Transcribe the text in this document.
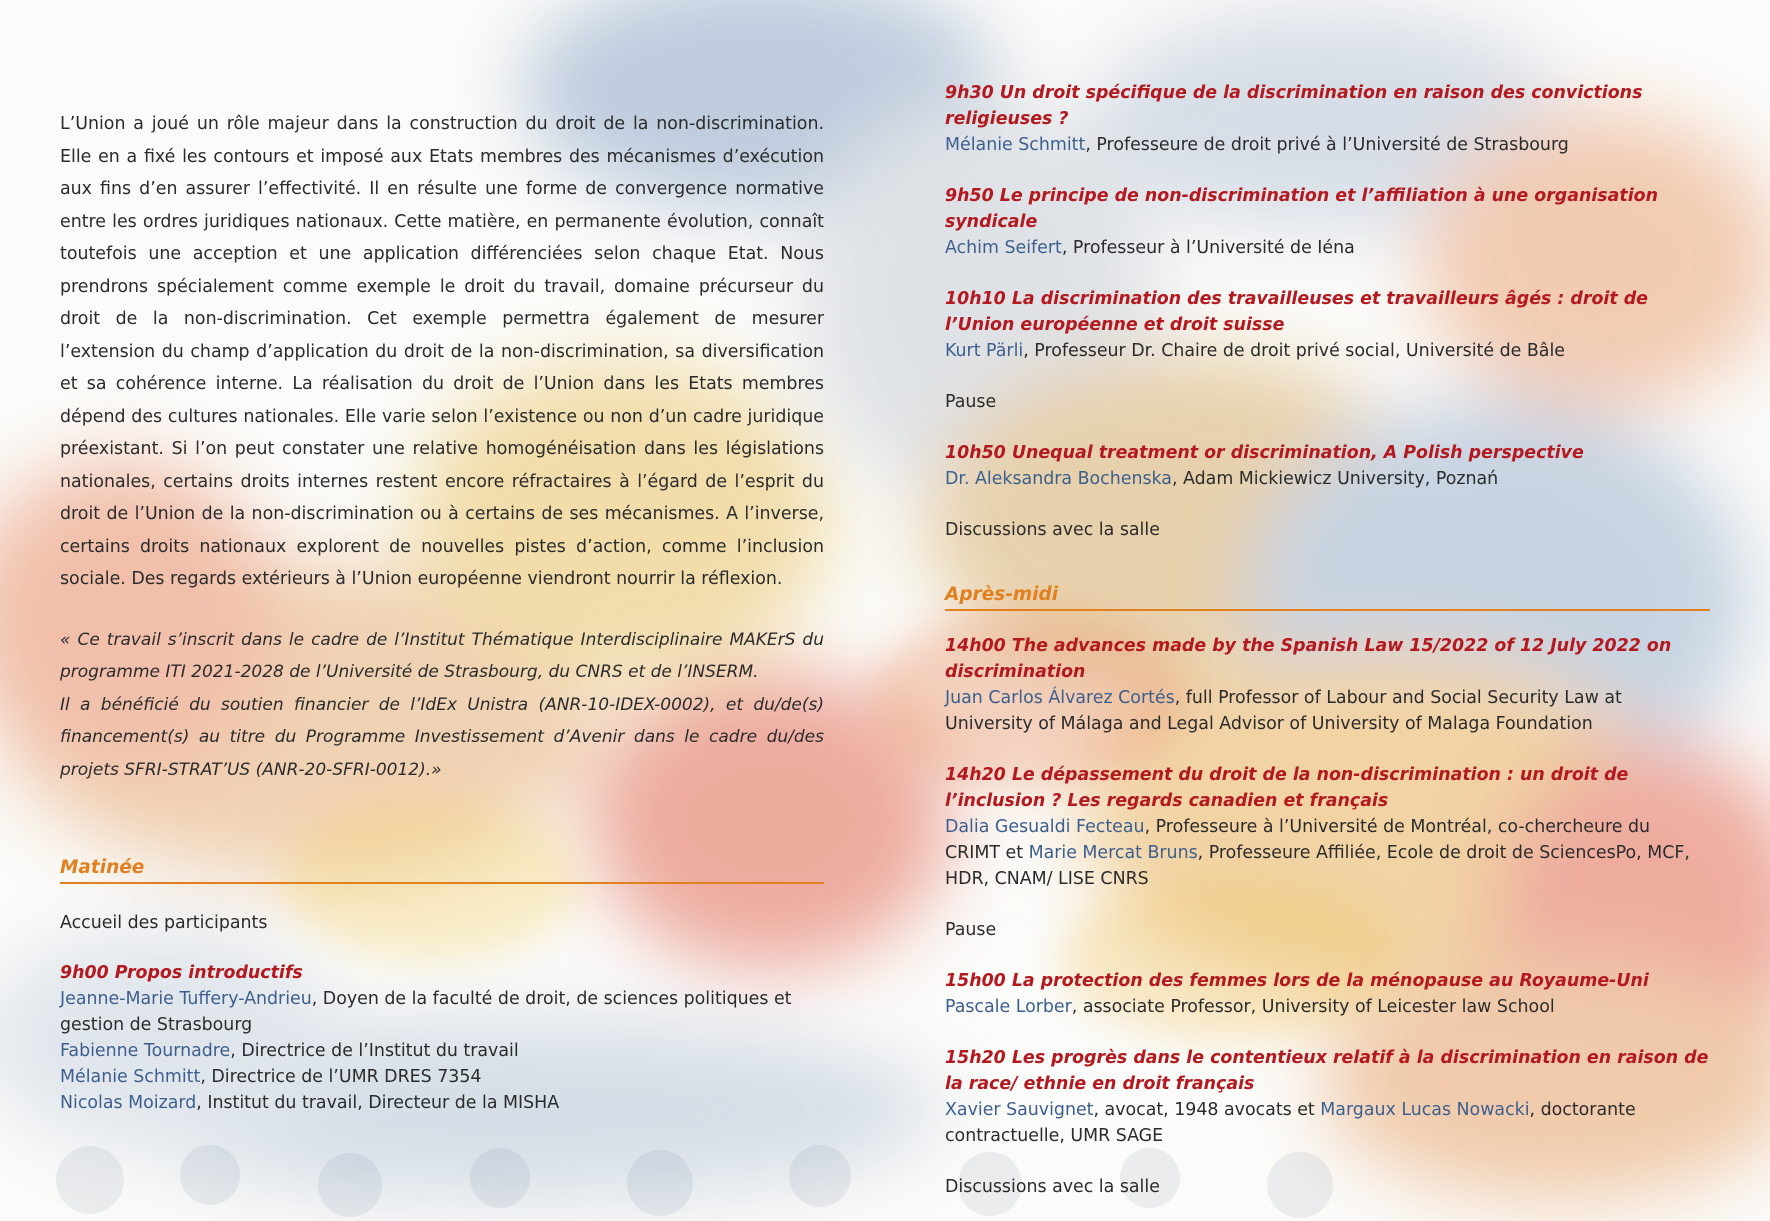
L’Union a joué un rôle majeur dans la construction du droit de la non-discrimination. Elle en a fixé les contours et imposé aux Etats membres des mécanismes d’exécution aux fins d’en assurer l’effectivité. Il en résulte une forme de convergence normative entre les ordres juridiques nationaux. Cette matière, en permanente évolution, connaît toutefois une acception et une application différenciées selon chaque Etat. Nous prendrons spécialement comme exemple le droit du travail, domaine précurseur du droit de la non-discrimination. Cet exemple permettra également de mesurer l’extension du champ d’application du droit de la non-discrimination, sa diversification et sa cohérence interne. La réalisation du droit de l’Union dans les Etats membres dépend des cultures nationales. Elle varie selon l’existence ou non d’un cadre juridique préexistant. Si l’on peut constater une relative homogénéisation dans les législations nationales, certains droits internes restent encore réfractaires à l’égard de l’esprit du droit de l’Union de la non-discrimination ou à certains de ses mécanismes. A l’inverse, certains droits nationaux explorent de nouvelles pistes d’action, comme l’inclusion sociale. Des regards extérieurs à l’Union européenne viendront nourrir la réflexion.

« Ce travail s’inscrit dans le cadre de l’Institut Thématique Interdisciplinaire MAKErS du programme ITI 2021-2028 de l’Université de Strasbourg, du CNRS et de l’INSERM.

Il a bénéficié du soutien financier de l’IdEx Unistra (ANR-10-IDEX-0002), et du/de(s) financement(s) au titre du Programme Investissement d’Avenir dans le cadre du/des projets SFRI-STRAT’US (ANR-20-SFRI-0012).»

Matinée
Accueil des participants
9h00 Propos introductifs
Jeanne-Marie Tuffery-Andrieu, Doyen de la faculté de droit, de sciences politiques et gestion de Strasbourg
Fabienne Tournadre, Directrice de l’Institut du travail
Mélanie Schmitt, Directrice de l’UMR DRES 7354
Nicolas Moizard, Institut du travail, Directeur de la MISHA
9h30 Un droit spécifique de la discrimination en raison des convictions religieuses ?
Mélanie Schmitt, Professeure de droit privé à l’Université de Strasbourg
9h50 Le principe de non-discrimination et l’affiliation à une organisation syndicale
Achim Seifert, Professeur à l’Université de Iéna
10h10 La discrimination des travailleuses et travailleurs âgés : droit de l’Union européenne et droit suisse
Kurt Pärli, Professeur Dr. Chaire de droit privé social, Université de Bâle
Pause
10h50 Unequal treatment or discrimination, A Polish perspective
Dr. Aleksandra Bochenska, Adam Mickiewicz University, Poznań
Discussions avec la salle
Après-midi
14h00 The advances made by the Spanish Law 15/2022 of 12 July 2022 on discrimination
Juan Carlos Álvarez Cortés, full Professor of Labour and Social Security Law at University of Málaga and Legal Advisor of University of Malaga Foundation
14h20 Le dépassement du droit de la non-discrimination : un droit de l’inclusion ? Les regards canadien et français
Dalia Gesualdi Fecteau, Professeure à l’Université de Montréal, co-chercheure du CRIMT et Marie Mercat Bruns, Professeure Affiliée, Ecole de droit de SciencesPo, MCF, HDR, CNAM/ LISE CNRS
Pause
15h00 La protection des femmes lors de la ménopause au Royaume-Uni
Pascale Lorber, associate Professor, University of Leicester law School
15h20 Les progrès dans le contentieux relatif à la discrimination en raison de la race/ ethnie en droit français
Xavier Sauvignet, avocat, 1948 avocats et Margaux Lucas Nowacki, doctorante contractuelle, UMR SAGE
Discussions avec la salle
